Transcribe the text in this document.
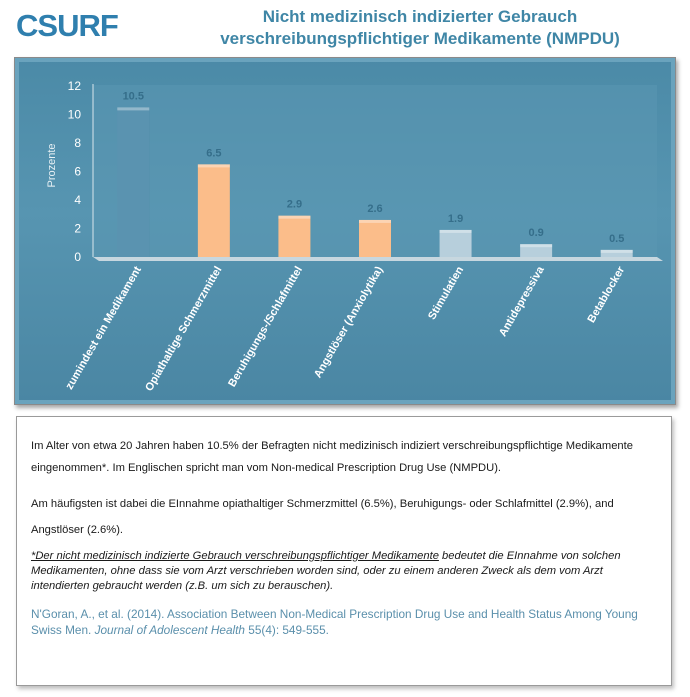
CSURF	Nicht medizinisch indizierter Gebrauch
verschreibungspflichtiger Medikamente (NMPDU)
0
2
4
6
8
10
12
Prozente
10.5
zumindest ein Medikament
6.5
Opiathaltige Schmerzmittel
2.9
Beruhigungs-/Schlafmittel
2.6
Angstlöser (Anxiolytika)
1.9
Stimulatien
0.9
Antidepressiva
0.5
Betablocker
Im Alter von etwa 20 Jahren haben 10.5% der Befragten nicht medizinisch indiziert verschreibungspflichtige Medikamente eingenommen*. Im Englischen spricht man vom Non-medical Prescription Drug Use (NMPDU).
Am häufigsten ist dabei die EInnahme opiathaltiger Schmerzmittel (6.5%), Beruhigungs- oder Schlafmittel (2.9%), and Angstlöser (2.6%).
*Der nicht medizinisch indizierte Gebrauch verschreibungspflichtiger Medikamente bedeutet die EInnahme von solchen Medikamenten, ohne dass sie vom Arzt verschrieben worden sind, oder zu einem anderen Zweck als dem vom Arzt intendierten gebraucht werden (z.B. um sich zu berauschen).
N'Goran, A., et al. (2014). Association Between Non-Medical Prescription Drug Use and Health Status Among Young Swiss Men. Journal of Adolescent Health 55(4): 549-555.
